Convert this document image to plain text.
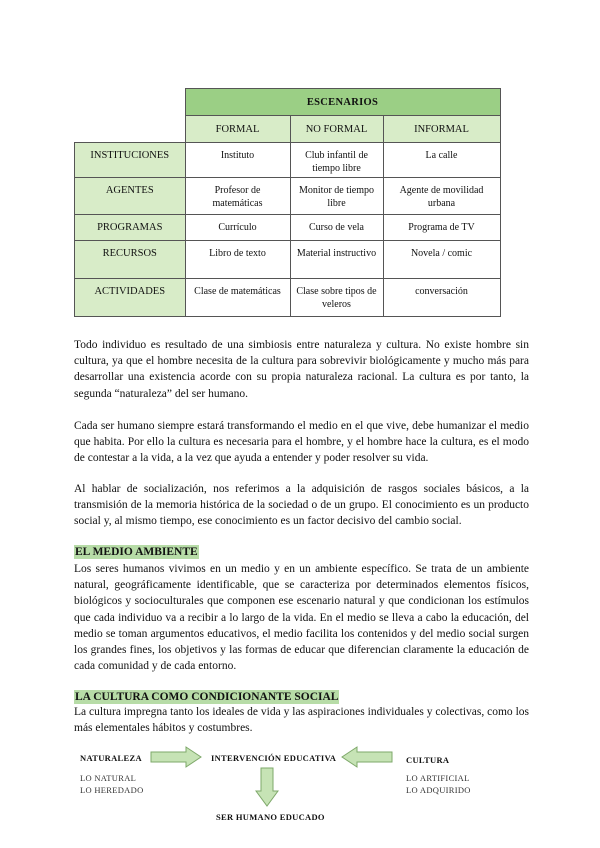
	ESCENARIOS		
	FORMAL	NO FORMAL	INFORMAL
INSTITUCIONES	Instituto	Club infantil de tiempo libre	La calle
AGENTES	Profesor de matemáticas	Monitor de tiempo libre	Agente de movilidad urbana
PROGRAMAS	Currículo	Curso de vela	Programa de TV
RECURSOS	Libro de texto	Material instructivo	Novela / comic
ACTIVIDADES	Clase de matemáticas	Clase sobre tipos de veleros	conversación

Todo individuo es resultado de una simbiosis entre naturaleza y cultura. No existe hombre sin cultura, ya que el hombre necesita de la cultura para sobrevivir biológicamente y mucho más para desarrollar una existencia acorde con su propia naturaleza racional. La cultura es por tanto, la segunda “naturaleza” del ser humano.

Cada ser humano siempre estará transformando el medio en el que vive, debe humanizar el medio que habita. Por ello la cultura es necesaria para el hombre, y el hombre hace la cultura, es el modo de contestar a la vida, a la vez que ayuda a entender y poder resolver su vida.

Al hablar de socialización, nos referimos a la adquisición de rasgos sociales básicos, a la transmisión de la memoria histórica de la sociedad o de un grupo. El conocimiento es un producto social y, al mismo tiempo, ese conocimiento es un factor decisivo del cambio social.

EL MEDIO AMBIENTE

Los seres humanos vivimos en un medio y en un ambiente específico. Se trata de un ambiente natural, geográficamente identificable, que se caracteriza por determinados elementos físicos, biológicos y socioculturales que componen ese escenario natural y que condicionan los estímulos que cada individuo va a recibir a lo largo de la vida. En el medio se lleva a cabo la educación, del medio se toman argumentos educativos, el medio facilita los contenidos y del medio social surgen los grandes fines, los objetivos y las formas de educar que diferencian claramente la educación de cada comunidad y de cada entorno.

LA CULTURA COMO CONDICIONANTE SOCIAL

La cultura impregna tanto los ideales de vida y las aspiraciones individuales y colectivas, como los más elementales hábitos y costumbres.

NATURALEZA
LO NATURAL
LO HEREDADO
INTERVENCIÓN EDUCATIVA	CULTURA
LO ARTIFICIAL
LO ADQUIRIDO
SER HUMANO EDUCADO
